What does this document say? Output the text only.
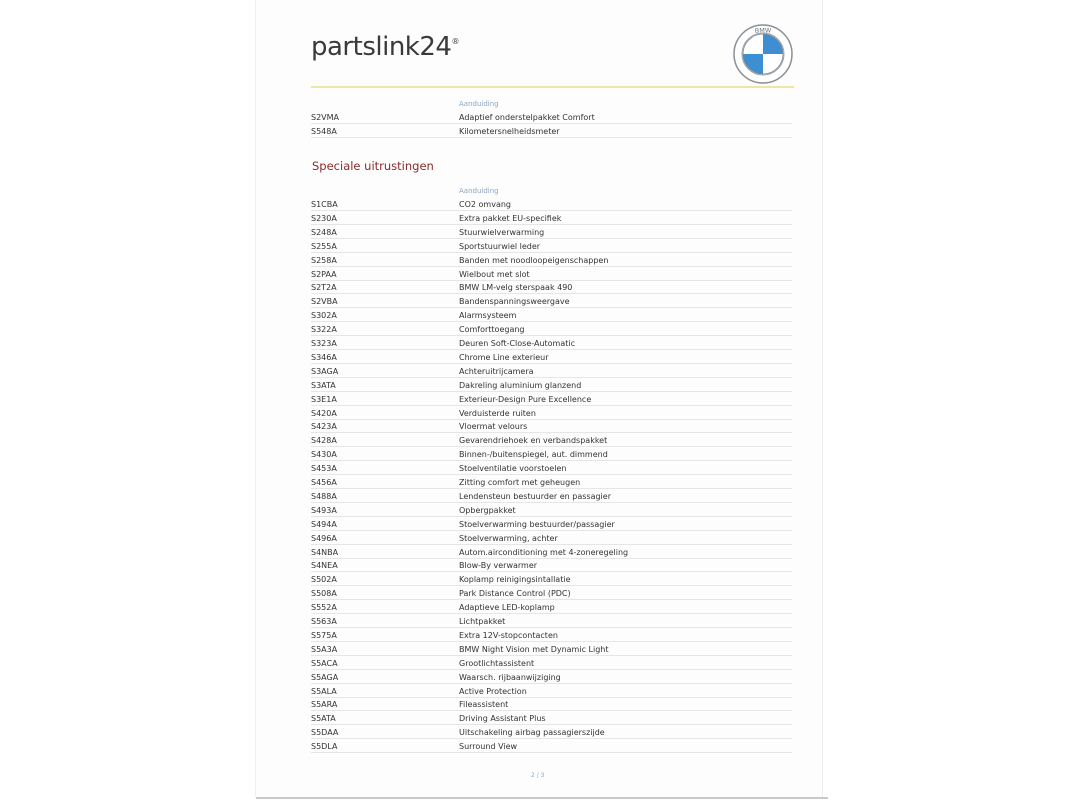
partslink24®
BMW
Aanduiding
S2VMA	Adaptief onderstelpakket Comfort
S548A	Kilometersnelheidsmeter
Speciale uitrustingen
Aanduiding
S1CBA	CO2 omvang
S230A	Extra pakket EU-specifiek
S248A	Stuurwielverwarming
S255A	Sportstuurwiel leder
S258A	Banden met noodloopeigenschappen
S2PAA	Wielbout met slot
S2T2A	BMW LM-velg sterspaak 490
S2VBA	Bandenspanningsweergave
S302A	Alarmsysteem
S322A	Comforttoegang
S323A	Deuren Soft-Close-Automatic
S346A	Chrome Line exterieur
S3AGA	Achteruitrijcamera
S3ATA	Dakreling aluminium glanzend
S3E1A	Exterieur-Design Pure Excellence
S420A	Verduisterde ruiten
S423A	Vloermat velours
S428A	Gevarendriehoek en verbandspakket
S430A	Binnen-/buitenspiegel, aut. dimmend
S453A	Stoelventilatie voorstoelen
S456A	Zitting comfort met geheugen
S488A	Lendensteun bestuurder en passagier
S493A	Opbergpakket
S494A	Stoelverwarming bestuurder/passagier
S496A	Stoelverwarming, achter
S4NBA	Autom.airconditioning met 4-zoneregeling
S4NEA	Blow-By verwarmer
S502A	Koplamp reinigingsintallatie
S508A	Park Distance Control (PDC)
S552A	Adaptieve LED-koplamp
S563A	Lichtpakket
S575A	Extra 12V-stopcontacten
S5A3A	BMW Night Vision met Dynamic Light
S5ACA	Grootlichtassistent
S5AGA	Waarsch. rijbaanwijziging
S5ALA	Active Protection
S5ARA	Fileassistent
S5ATA	Driving Assistant Plus
S5DAA	Uitschakeling airbag passagierszijde
S5DLA	Surround View
2 / 3
